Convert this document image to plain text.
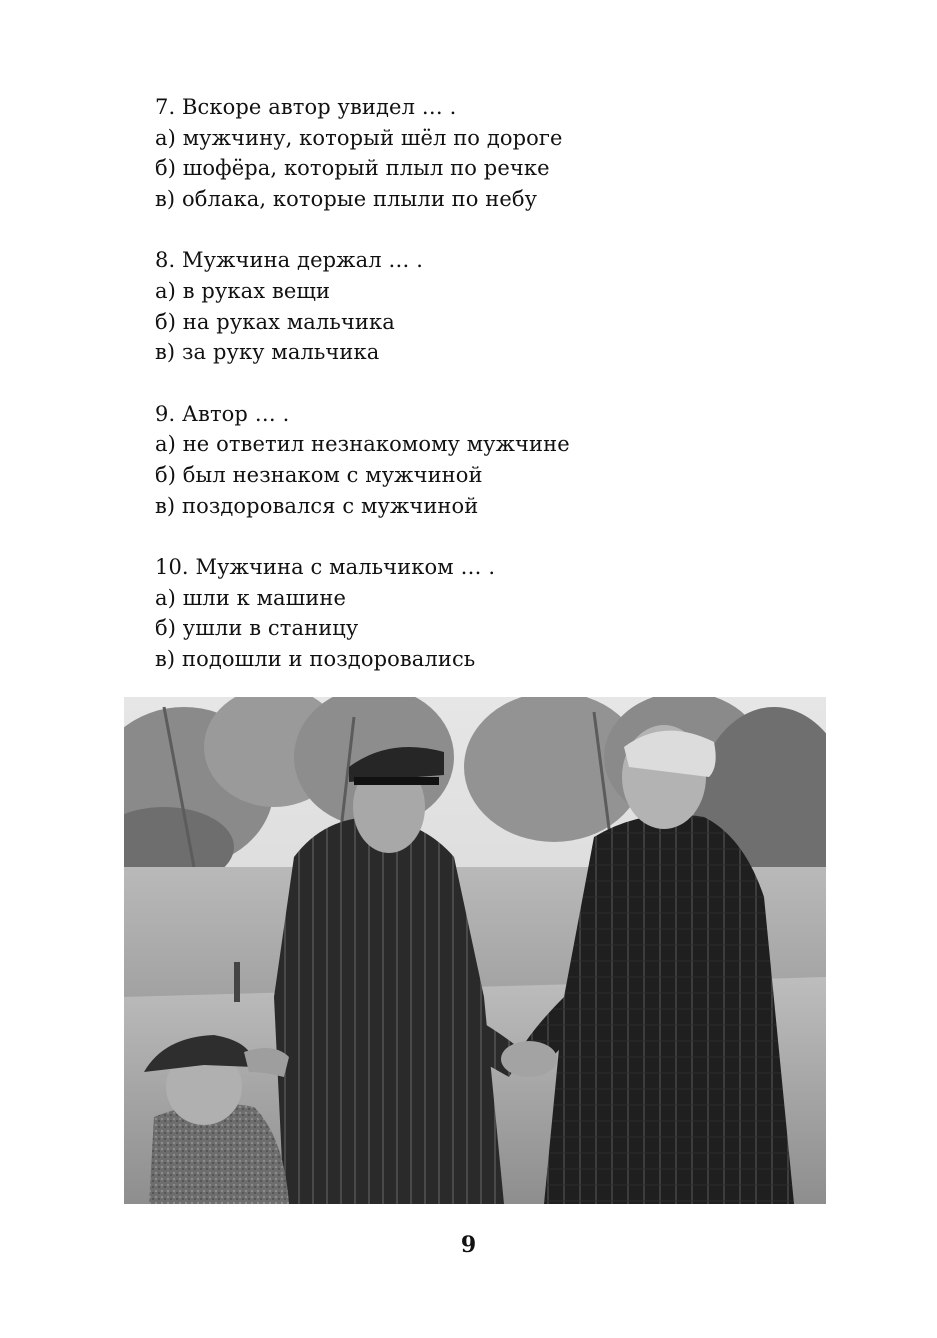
7. Вскоре автор увидел … .
а) мужчину, который шёл по дороге
б) шофёра, который плыл по речке
в) облака, которые плыли по небу
8. Мужчина держал … .
а) в руках вещи
б) на руках мальчика
в) за руку мальчика
9. Автор … .
а) не ответил незнакомому мужчине
б) был незнаком с мужчиной
в) поздоровался с мужчиной
10. Мужчина с мальчиком … .
а) шли к машине
б) ушли в станицу
в) подошли и поздоровались
9
